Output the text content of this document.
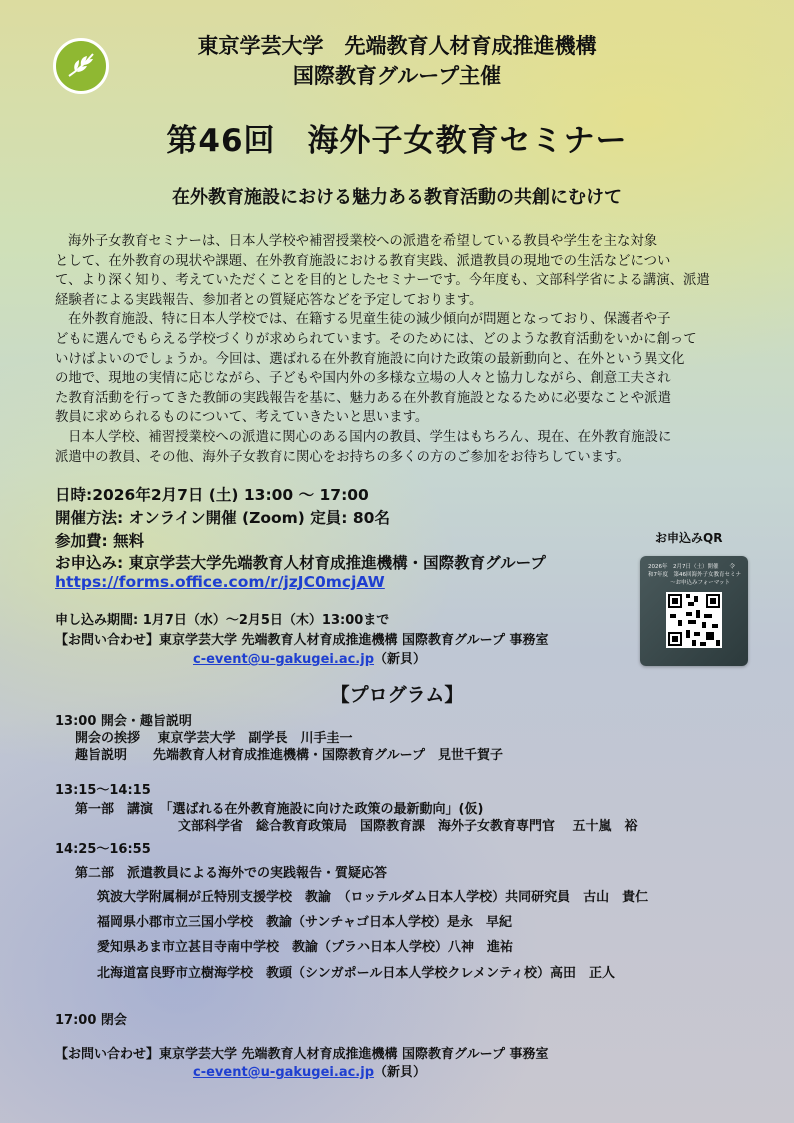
東京学芸大学　先端教育人材育成推進機構
国際教育グループ主催
第46回　海外子女教育セミナー
在外教育施設における魅力ある教育活動の共創にむけて
海外子女教育セミナーは、日本人学校や補習授業校への派遣を希望している教員や学生を主な対象
として、在外教育の現状や課題、在外教育施設における教育実践、派遣教員の現地での生活などについ
て、より深く知り、考えていただくことを目的としたセミナーです。今年度も、文部科学省による講演、派遣
経験者による実践報告、参加者との質疑応答などを予定しております。
在外教育施設、特に日本人学校では、在籍する児童生徒の減少傾向が問題となっており、保護者や子
どもに選んでもらえる学校づくりが求められています。そのためには、どのような教育活動をいかに創って
いけばよいのでしょうか。今回は、選ばれる在外教育施設に向けた政策の最新動向と、在外という異文化
の地で、現地の実情に応じながら、子どもや国内外の多様な立場の人々と協力しながら、創意工夫され
た教育活動を行ってきた教師の実践報告を基に、魅力ある在外教育施設となるために必要なことや派遣
教員に求められるものについて、考えていきたいと思います。
日本人学校、補習授業校への派遣に関心のある国内の教員、学生はもちろん、現在、在外教育施設に
派遣中の教員、その他、海外子女教育に関心をお持ちの多くの方のご参加をお待ちしています。
日時:2026年2月7日 (土) 13:00 ～ 17:00
開催方法: オンライン開催 (Zoom) 定員: 80名
参加費: 無料
お申込み: 東京学芸大学先端教育人材育成推進機構・国際教育グループ
https://forms.office.com/r/jzJC0mcjAW
申し込み期間: 1月7日（水）～2月5日（木）13:00まで
【お問い合わせ】東京学芸大学 先端教育人材育成推進機構 国際教育グループ 事務室
c-event@u-gakugei.ac.jp（新貝）
お申込みQR
2026年　2月7日（土）開催　　令
和7年度　第46回海外子女教育セミナ
～お申込みフォーマット
【プログラム】
13:00 開会・趣旨説明
開会の挨拶　 東京学芸大学　副学長　川手圭一
趣旨説明　　先端教育人材育成推進機構・国際教育グループ　見世千賀子
13:15～14:15
第一部　講演　「選ばれる在外教育施設に向けた政策の最新動向」(仮)
文部科学省　総合教育政策局　国際教育課　海外子女教育専門官　 五十嵐　裕
14:25～16:55
第二部　派遣教員による海外での実践報告・質疑応答
筑波大学附属桐が丘特別支援学校　教諭　（ロッテルダム日本人学校）共同研究員　古山　貴仁
福岡県小郡市立三国小学校　教諭（サンチャゴ日本人学校）是永　早紀
愛知県あま市立甚目寺南中学校　教諭（プラハ日本人学校）八神　進祐
北海道富良野市立樹海学校　教頭（シンガポール日本人学校クレメンティ校）高田　正人
17:00 閉会
【お問い合わせ】東京学芸大学 先端教育人材育成推進機構 国際教育グループ 事務室
c-event@u-gakugei.ac.jp（新貝）
